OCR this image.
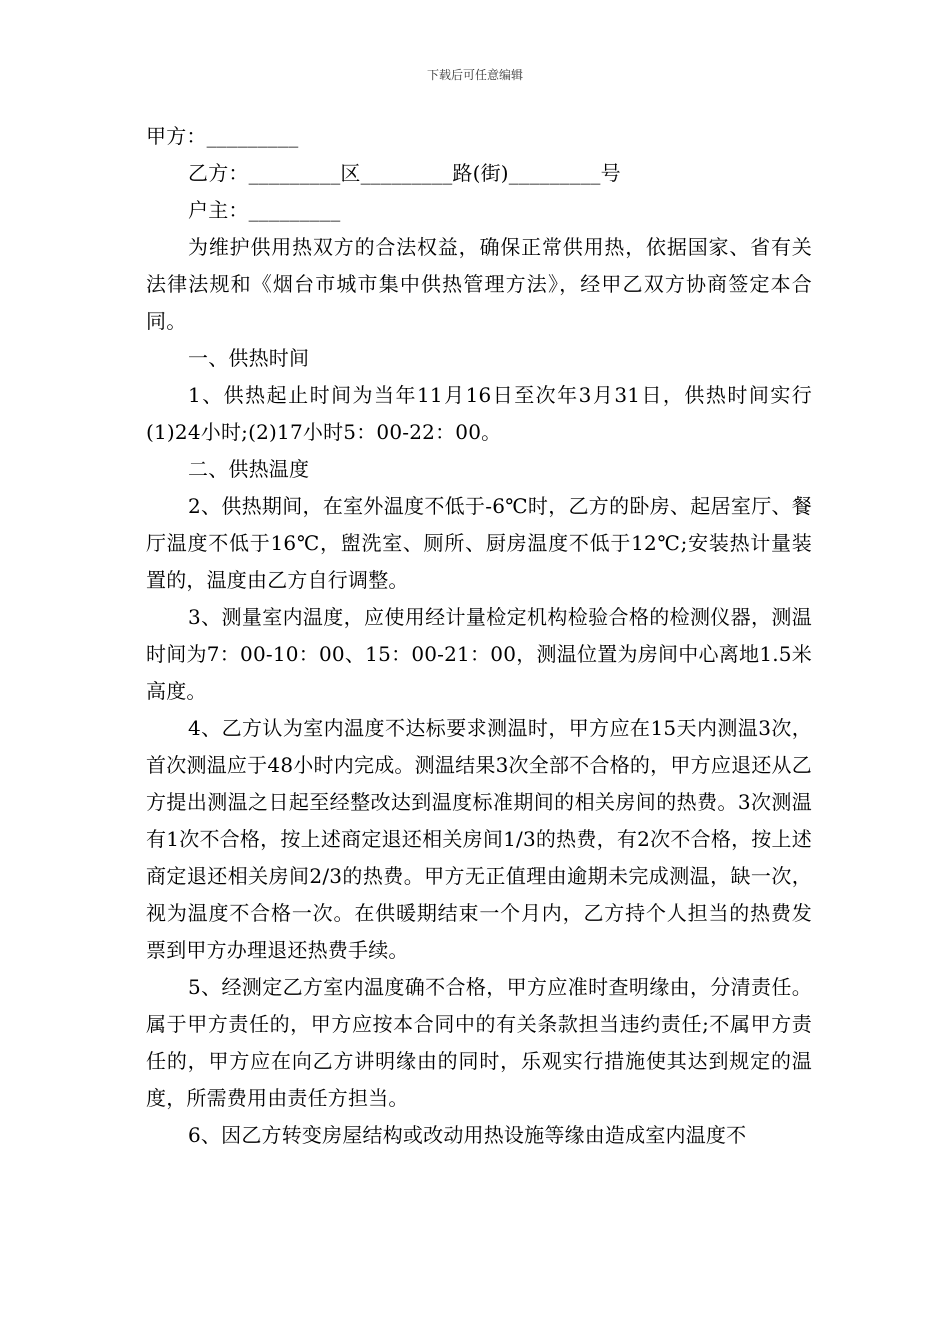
下载后可任意编辑

甲方：_________

乙方：_________区_________路(街)_________号

户主：_________

为维护供用热双方的合法权益，确保正常供用热，依据国家、省有关法律法规和《烟台市城市集中供热管理方法》，经甲乙双方协商签定本合同。

一、供热时间

1、供热起止时间为当年11月16日至次年3月31日，供热时间实行(1)24小时;(2)17小时5：00-22：00。

二、供热温度

2、供热期间，在室外温度不低于-6℃时，乙方的卧房、起居室厅、餐厅温度不低于16℃，盥洗室、厕所、厨房温度不低于12℃;安装热计量装置的，温度由乙方自行调整。

3、测量室内温度，应使用经计量检定机构检验合格的检测仪器，测温时间为7：00-10：00、15：00-21：00，测温位置为房间中心离地1.5米高度。

4、乙方认为室内温度不达标要求测温时，甲方应在15天内测温3次，首次测温应于48小时内完成。测温结果3次全部不合格的，甲方应退还从乙方提出测温之日起至经整改达到温度标准期间的相关房间的热费。3次测温有1次不合格，按上述商定退还相关房间1/3的热费，有2次不合格，按上述商定退还相关房间2/3的热费。甲方无正值理由逾期未完成测温，缺一次，视为温度不合格一次。在供暖期结束一个月内，乙方持个人担当的热费发票到甲方办理退还热费手续。

5、经测定乙方室内温度确不合格，甲方应准时查明缘由，分清责任。属于甲方责任的，甲方应按本合同中的有关条款担当违约责任;不属甲方责任的，甲方应在向乙方讲明缘由的同时，乐观实行措施使其达到规定的温度，所需费用由责任方担当。

6、因乙方转变房屋结构或改动用热设施等缘由造成室内温度不
